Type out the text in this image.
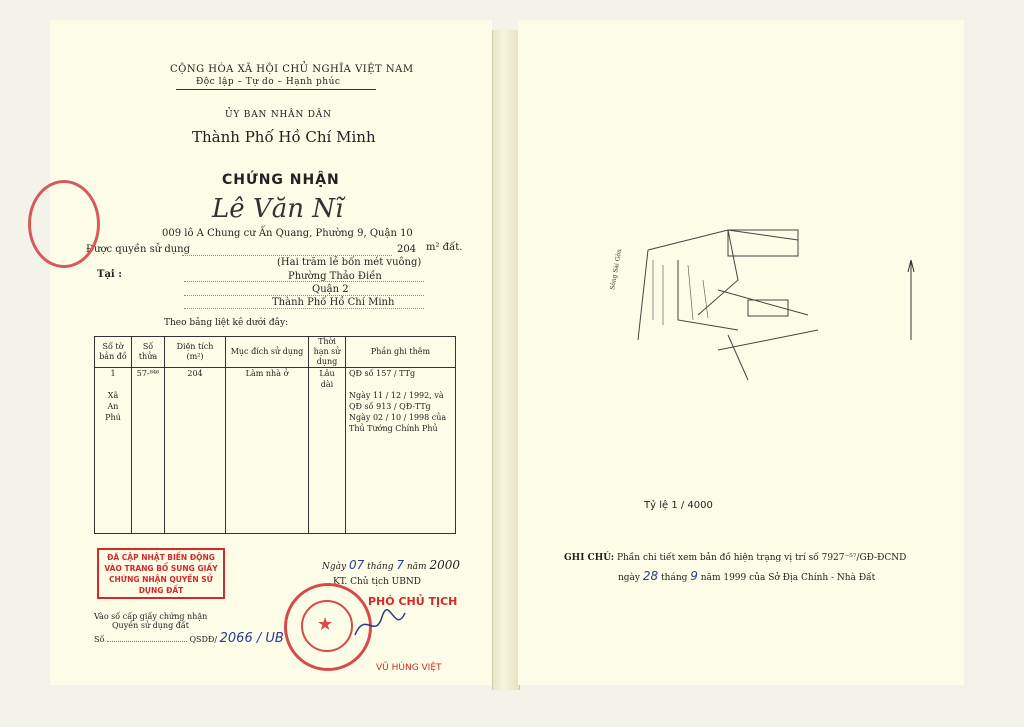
CỘNG HÒA XÃ HỘI CHỦ NGHĨA VIỆT NAM
Độc lập – Tự do – Hạnh phúc
ỦY BAN NHÂN DÂN
Thành Phố Hồ Chí Minh
CHỨNG NHẬN
Lê Văn Nĩ
009 lô A Chung cư Ấn Quang, Phường 9, Quận 10
Được quyền sử dụng	204 m² đất.
(Hai trăm lẻ bốn mét vuông)
Tại :	Phường Thảo Điền
Quận 2
Thành Phố Hồ Chí Minh
Theo bảng liệt kê dưới đây:
Số tờ bản đồ	Số thửa	Diện tích (m²)	Mục đích sử dụng	Thời hạn sử dụng	Phần ghi thêm
1	57-⁸⁴⁶	204	Làm nhà ở	Lâu dài	QĐ số 157 / TTg
Xã					Ngày 11 / 12 / 1992, và
An					QĐ số 913 / QĐ-TTg
Phú					Ngày 02 / 10 / 1998 của
					Thủ Tướng Chính Phủ

ĐÃ CẬP NHẬT BIẾN ĐỘNG VÀO TRANG BỔ SUNG GIẤY CHỨNG NHẬN QUYỀN SỬ DỤNG ĐẤT
Ngày 07 tháng 7 năm 2000
KT. Chủ tịch UBND
PHÓ CHỦ TỊCH
Vào số cấp giấy chứng nhận
Quyền sử dụng đất
Số	QSDĐ/ 2066 / UB
VŨ HÙNG VIỆT
★
Sông Sài Gòn
Tỷ lệ 1 / 4000
GHI CHÚ: Phần chi tiết xem bản đồ hiện trạng vị trí số 7927⁻⁵⁷/GĐ-ĐCND
ngày 28 tháng 9 năm 1999 của Sở Địa Chính - Nhà Đất
